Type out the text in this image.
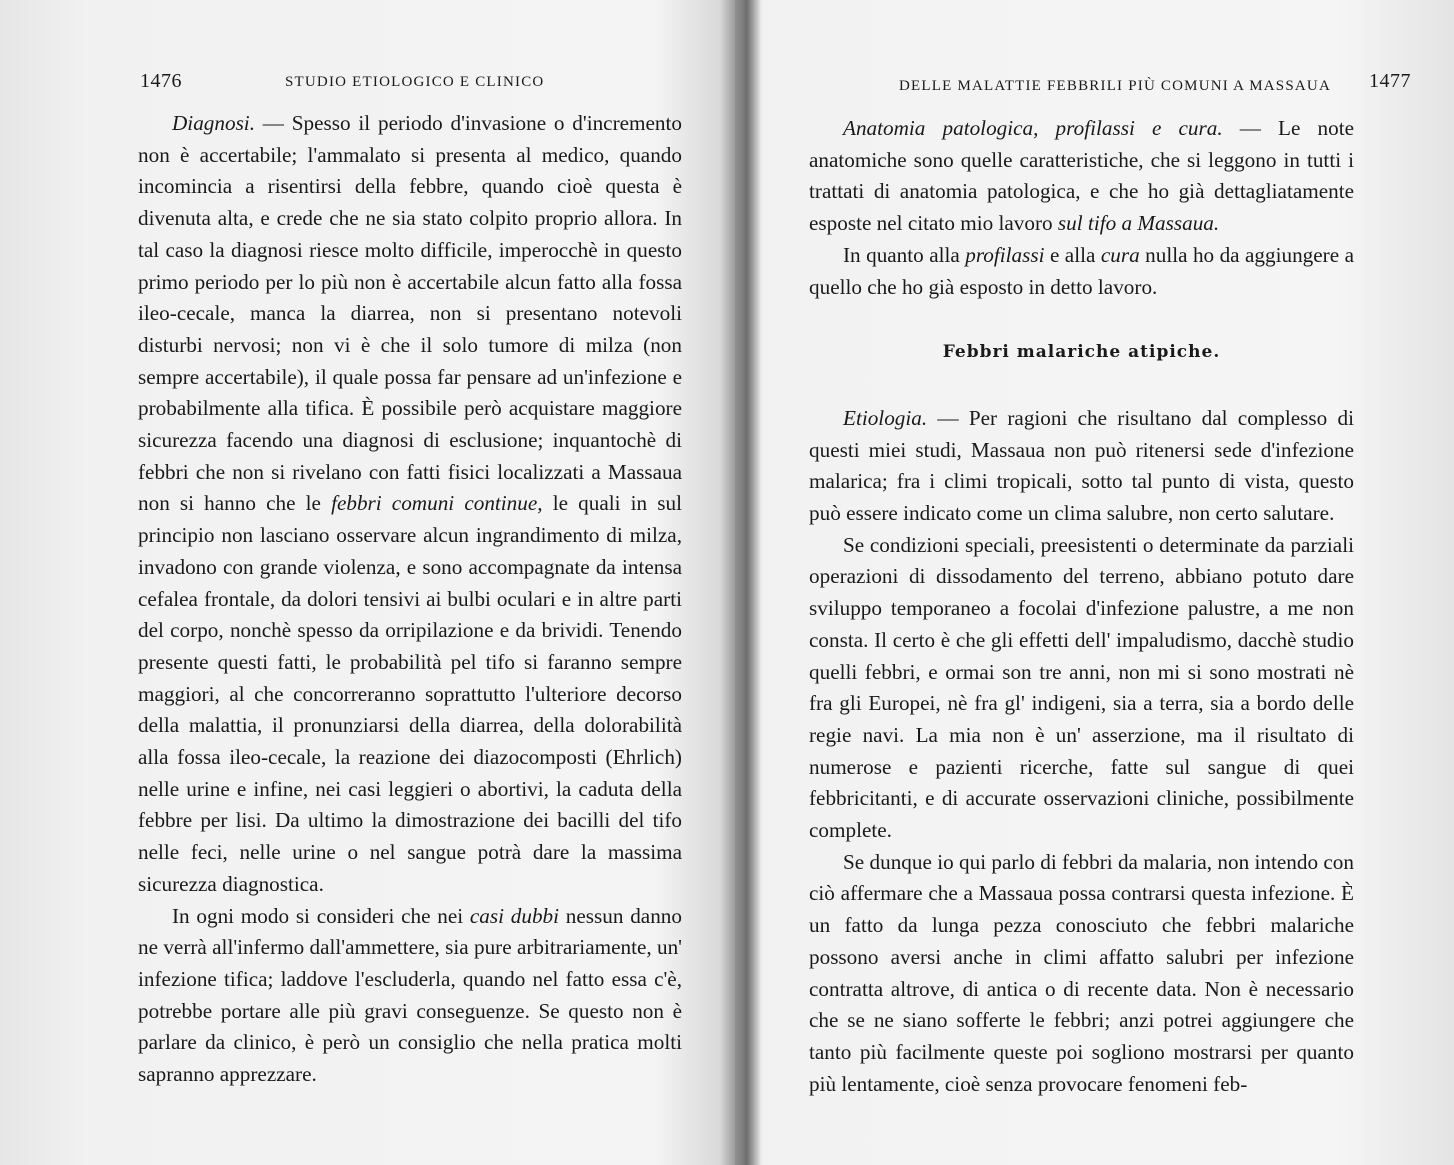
1476	STUDIO ETIOLOGICO E CLINICO

Diagnosi. — Spesso il periodo d'invasione o d'incremento non è accertabile; l'ammalato si presenta al medico, quando incomincia a risentirsi della febbre, quando cioè questa è divenuta alta, e crede che ne sia stato colpito proprio allora. In tal caso la diagnosi riesce molto difficile, imperocchè in questo primo periodo per lo più non è accertabile alcun fatto alla fossa ileo-cecale, manca la diarrea, non si presentano notevoli disturbi nervosi; non vi è che il solo tumore di milza (non sempre accertabile), il quale possa far pensare ad un'infezione e probabilmente alla tifica. È possibile però acquistare maggiore sicurezza facendo una diagnosi di esclusione; inquantochè di febbri che non si rivelano con fatti fisici localizzati a Massaua non si hanno che le febbri comuni continue, le quali in sul principio non lasciano osservare alcun ingrandimento di milza, invadono con grande violenza, e sono accompagnate da intensa cefalea frontale, da dolori tensivi ai bulbi oculari e in altre parti del corpo, nonchè spesso da orripilazione e da brividi. Tenendo presente questi fatti, le probabilità pel tifo si faranno sempre maggiori, al che concorreranno soprattutto l'ulteriore decorso della malattia, il pronunziarsi della diarrea, della dolorabilità alla fossa ileo-cecale, la reazione dei diazocomposti (Ehrlich) nelle urine e infine, nei casi leggieri o abortivi, la caduta della febbre per lisi. Da ultimo la dimostrazione dei bacilli del tifo nelle feci, nelle urine o nel sangue potrà dare la massima sicurezza diagnostica.

In ogni modo si consideri che nei casi dubbi nessun danno ne verrà all'infermo dall'ammettere, sia pure arbitrariamente, un' infezione tifica; laddove l'escluderla, quando nel fatto essa c'è, potrebbe portare alle più gravi conseguenze. Se questo non è parlare da clinico, è però un consiglio che nella pratica molti sapranno apprezzare.

DELLE MALATTIE FEBBRILI PIÙ COMUNI A MASSAUA 1477

Anatomia patologica, profilassi e cura. — Le note anatomiche sono quelle caratteristiche, che si leggono in tutti i trattati di anatomia patologica, e che ho già dettagliatamente esposte nel citato mio lavoro sul tifo a Massaua.

In quanto alla profilassi e alla cura nulla ho da aggiungere a quello che ho già esposto in detto lavoro.

Febbri malariche atipiche.

Etiologia. — Per ragioni che risultano dal complesso di questi miei studi, Massaua non può ritenersi sede d'infezione malarica; fra i climi tropicali, sotto tal punto di vista, questo può essere indicato come un clima salubre, non certo salutare.

Se condizioni speciali, preesistenti o determinate da parziali operazioni di dissodamento del terreno, abbiano potuto dare sviluppo temporaneo a focolai d'infezione palustre, a me non consta. Il certo è che gli effetti dell' impaludismo, dacchè studio quelli febbri, e ormai son tre anni, non mi si sono mostrati nè fra gli Europei, nè fra gl' indigeni, sia a terra, sia a bordo delle regie navi. La mia non è un' asserzione, ma il risultato di numerose e pazienti ricerche, fatte sul sangue di quei febbricitanti, e di accurate osservazioni cliniche, possibilmente complete.

Se dunque io qui parlo di febbri da malaria, non intendo con ciò affermare che a Massaua possa contrarsi questa infezione. È un fatto da lunga pezza conosciuto che febbri malariche possono aversi anche in climi affatto salubri per infezione contratta altrove, di antica o di recente data. Non è necessario che se ne siano sofferte le febbri; anzi potrei aggiungere che tanto più facilmente queste poi sogliono mostrarsi per quanto più lentamente, cioè senza provocare fenomeni feb-
